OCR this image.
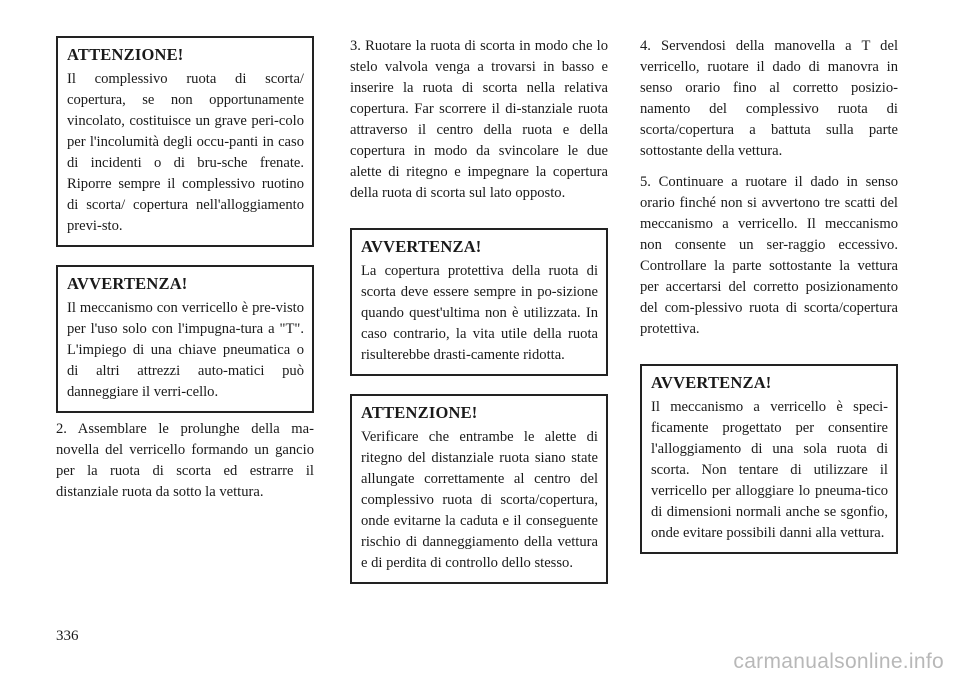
ATTENZIONE!

Il complessivo ruota di scorta/ copertura, se non opportunamente vincolato, costituisce un grave peri-colo per l'incolumità degli occu-panti in caso di incidenti o di bru-sche frenate. Riporre sempre il complessivo ruotino di scorta/ copertura nell'alloggiamento previ-sto.

AVVERTENZA!

Il meccanismo con verricello è pre-visto per l'uso solo con l'impugna-tura a "T". L'impiego di una chiave pneumatica o di altri attrezzi auto-matici può danneggiare il verri-cello.

2. Assemblare le prolunghe della ma-novella del verricello formando un gancio per la ruota di scorta ed estrarre il distanziale ruota da sotto la vettura.

3. Ruotare la ruota di scorta in modo che lo stelo valvola venga a trovarsi in basso e inserire la ruota di scorta nella relativa copertura. Far scorrere il di-stanziale ruota attraverso il centro della ruota e della copertura in modo da svincolare le due alette di ritegno e impegnare la copertura della ruota di scorta sul lato opposto.

AVVERTENZA!

La copertura protettiva della ruota di scorta deve essere sempre in po-sizione quando quest'ultima non è utilizzata. In caso contrario, la vita utile della ruota risulterebbe drasti-camente ridotta.

ATTENZIONE!

Verificare che entrambe le alette di ritegno del distanziale ruota siano state allungate correttamente al centro del complessivo ruota di scorta/copertura, onde evitarne la caduta e il conseguente rischio di danneggiamento della vettura e di perdita di controllo dello stesso.

4. Servendosi della manovella a T del verricello, ruotare il dado di manovra in senso orario fino al corretto posizio-namento del complessivo ruota di scorta/copertura a battuta sulla parte sottostante della vettura.

5. Continuare a ruotare il dado in senso orario finché non si avvertono tre scatti del meccanismo a verricello. Il meccanismo non consente un ser-raggio eccessivo. Controllare la parte sottostante la vettura per accertarsi del corretto posizionamento del com-plessivo ruota di scorta/copertura protettiva.

AVVERTENZA!

Il meccanismo a verricello è speci-ficamente progettato per consentire l'alloggiamento di una sola ruota di scorta. Non tentare di utilizzare il verricello per alloggiare lo pneuma-tico di dimensioni normali anche se sgonfio, onde evitare possibili danni alla vettura.

336
carmanualsonline.info
